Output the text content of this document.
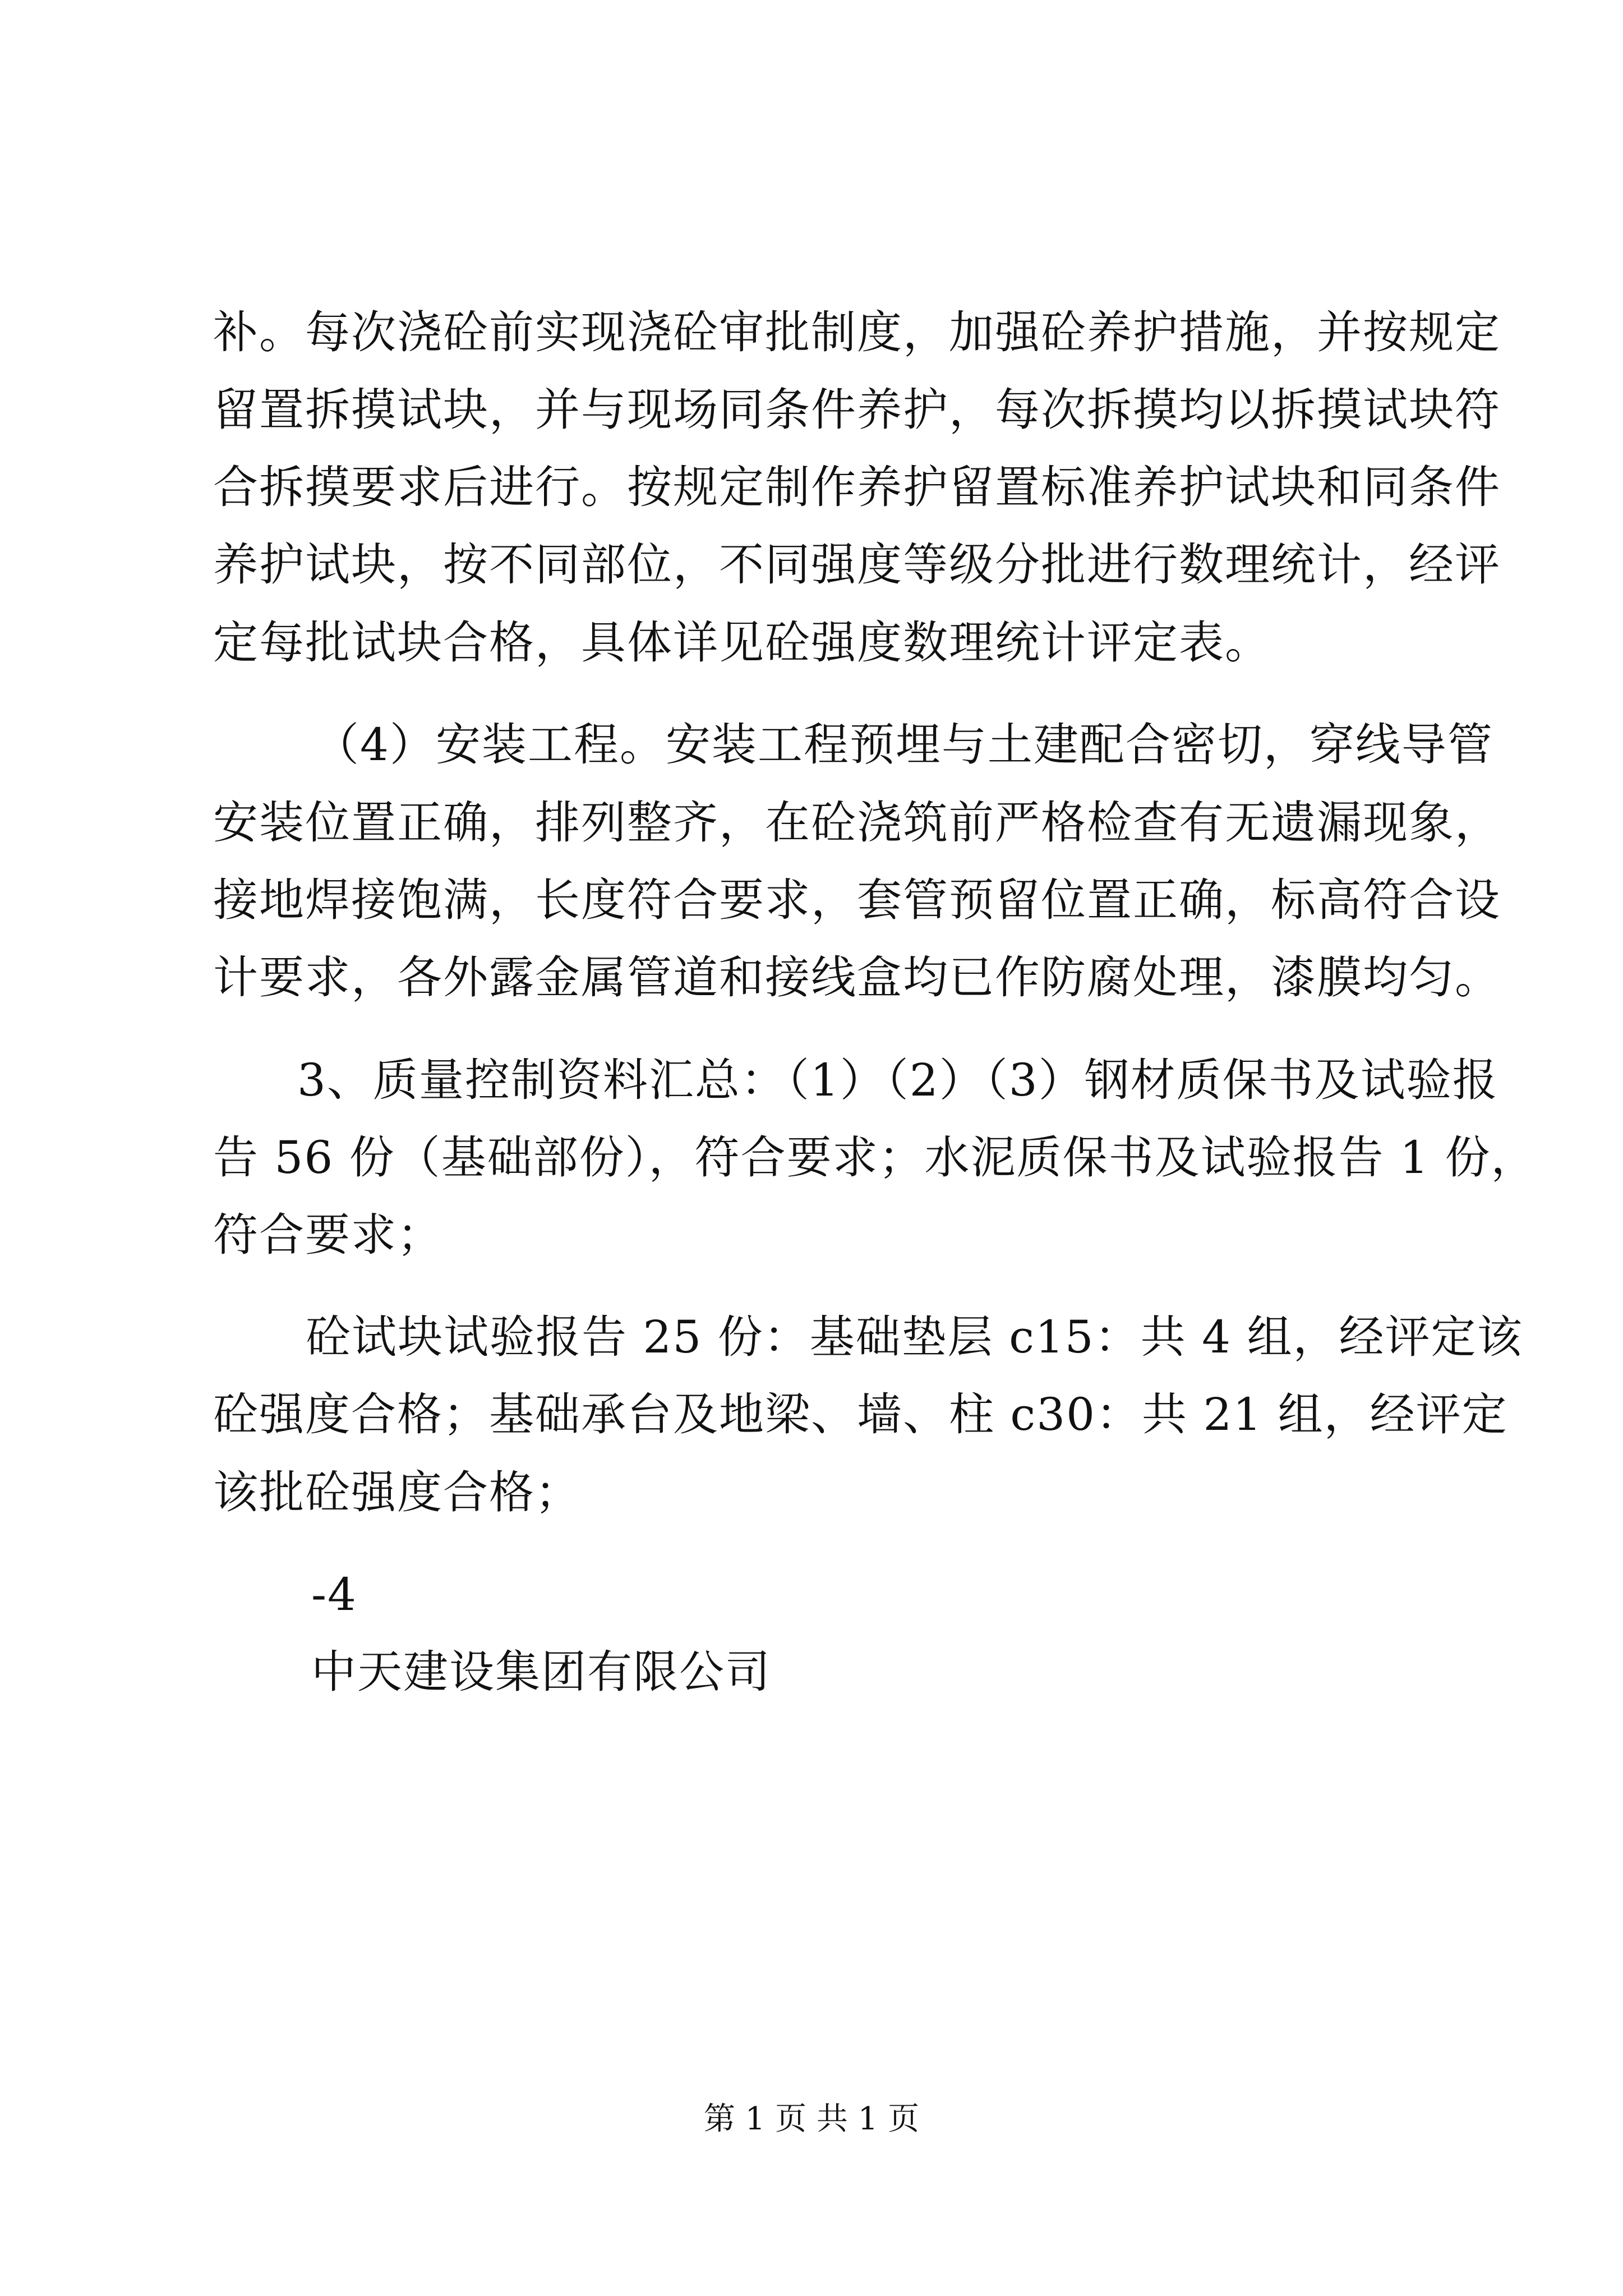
补。每次浇砼前实现浇砼审批制度，加强砼养护措施，并按规定
留置拆摸试块，并与现场同条件养护，每次拆摸均以拆摸试块符
合拆摸要求后进行。按规定制作养护留置标准养护试块和同条件
养护试块，按不同部位，不同强度等级分批进行数理统计，经评
定每批试块合格，具体详见砼强度数理统计评定表。
（4）安装工程。安装工程预埋与土建配合密切，穿线导管
安装位置正确，排列整齐，在砼浇筑前严格检查有无遗漏现象，
接地焊接饱满，长度符合要求，套管预留位置正确，标高符合设
计要求，各外露金属管道和接线盒均已作防腐处理，漆膜均匀。
3、质量控制资料汇总：（1）（2）（3）钢材质保书及试验报
告 56 份（基础部份），符合要求；水泥质保书及试验报告 1 份，
符合要求；
砼试块试验报告 25 份：基础垫层 c15：共 4 组，经评定该
砼强度合格；基础承台及地梁、墙、柱 c30：共 21 组，经评定
该批砼强度合格；
-4
中天建设集团有限公司
第 1 页 共 1 页
